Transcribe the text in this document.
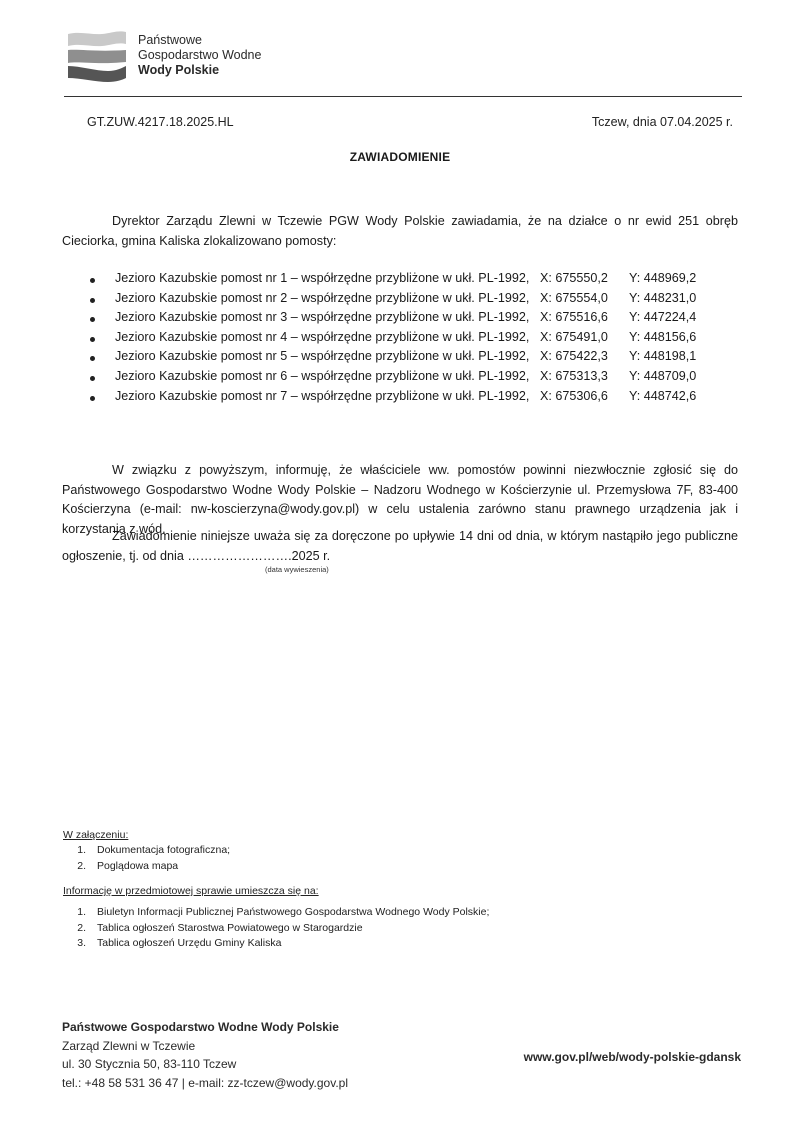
Państwowe
Gospodarstwo Wodne
Wody Polskie
GT.ZUW.4217.18.2025.HL	Tczew, dnia 07.04.2025 r.
ZAWIADOMIENIE
Dyrektor Zarządu Zlewni w Tczewie PGW Wody Polskie zawiadamia, że na działce o nr ewid 251 obręb Cieciorka, gmina Kaliska zlokalizowano pomosty:
Jezioro Kazubskie pomost nr 1 – współrzędne przybliżone w ukł. PL-1992, X: 675550,2 Y: 448969,2
Jezioro Kazubskie pomost nr 2 – współrzędne przybliżone w ukł. PL-1992, X: 675554,0 Y: 448231,0
Jezioro Kazubskie pomost nr 3 – współrzędne przybliżone w ukł. PL-1992, X: 675516,6 Y: 447224,4
Jezioro Kazubskie pomost nr 4 – współrzędne przybliżone w ukł. PL-1992, X: 675491,0 Y: 448156,6
Jezioro Kazubskie pomost nr 5 – współrzędne przybliżone w ukł. PL-1992, X: 675422,3 Y: 448198,1
Jezioro Kazubskie pomost nr 6 – współrzędne przybliżone w ukł. PL-1992, X: 675313,3 Y: 448709,0
Jezioro Kazubskie pomost nr 7 – współrzędne przybliżone w ukł. PL-1992, X: 675306,6 Y: 448742,6
W związku z powyższym, informuję, że właściciele ww. pomostów powinni niezwłocznie zgłosić się do Państwowego Gospodarstwo Wodne Wody Polskie – Nadzoru Wodnego w Kościerzynie ul. Przemysłowa 7F, 83-400 Kościerzyna (e-mail: nw-koscierzyna@wody.gov.pl) w celu ustalenia zarówno stanu prawnego urządzenia jak i korzystania z wód.
Zawiadomienie niniejsze uważa się za doręczone po upływie 14 dni od dnia, w którym nastąpiło jego publiczne ogłoszenie, tj. od dnia …………………….2025 r.
(data wywieszenia)
W załączeniu:
1. Dokumentacja fotograficzna;
2. Poglądowa mapa
Informację w przedmiotowej sprawie umieszcza się na:
1. Biuletyn Informacji Publicznej Państwowego Gospodarstwa Wodnego Wody Polskie;
2. Tablica ogłoszeń Starostwa Powiatowego w Starogardzie
3. Tablica ogłoszeń Urzędu Gminy Kaliska
Państwowe Gospodarstwo Wodne Wody Polskie
Zarząd Zlewni w Tczewie
ul. 30 Stycznia 50, 83-110 Tczew
tel.: +48 58 531 36 47 | e-mail: zz-tczew@wody.gov.pl
www.gov.pl/web/wody-polskie-gdansk
